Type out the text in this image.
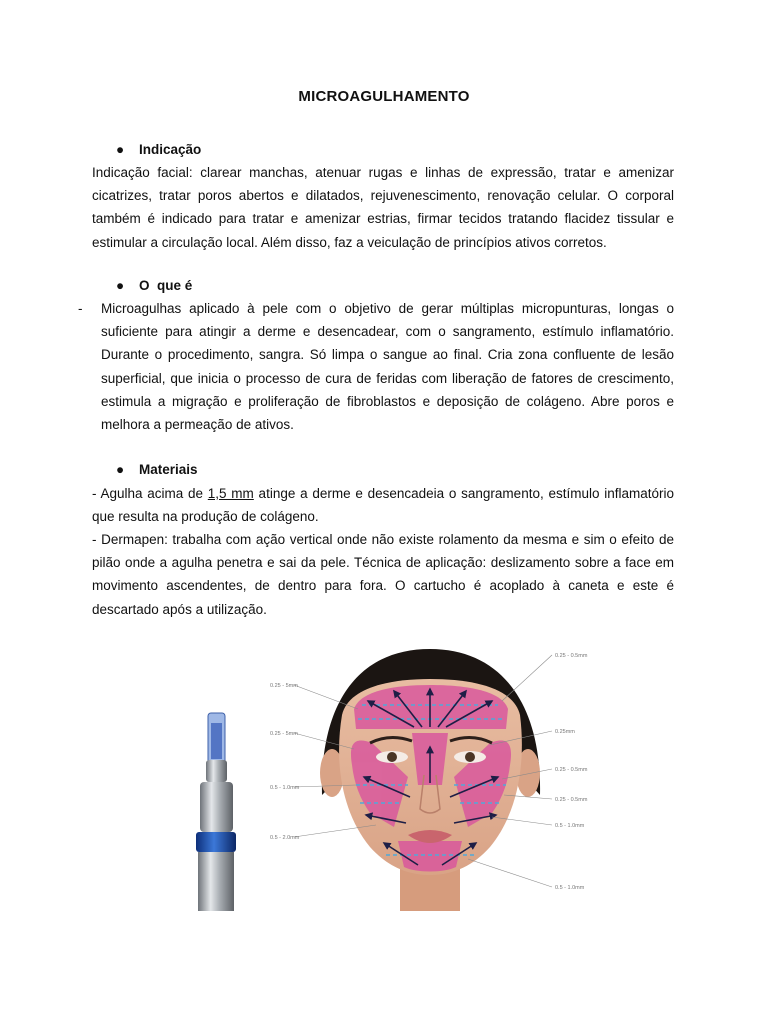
MICROAGULHAMENTO
● Indicação

Indicação facial: clarear manchas, atenuar rugas e linhas de expressão, tratar e amenizar cicatrizes, tratar poros abertos e dilatados, rejuvenescimento, renovação celular. O corporal também é indicado para tratar e amenizar estrias, firmar tecidos tratando flacidez tissular e estimular a circulação local. Além disso, faz a veiculação de princípios ativos corretos.

● O  que é
- Microagulhas aplicado à pele com o objetivo de gerar múltiplas micropunturas, longas o suficiente para atingir a derme e desencadear, com o sangramento, estímulo inflamatório. Durante o procedimento, sangra. Só limpa o sangue ao final. Cria zona confluente de lesão superficial, que inicia o processo de cura de feridas com liberação de fatores de crescimento, estimula a migração e proliferação de fibroblastos e deposição de colágeno. Abre poros e melhora a permeação de ativos.

● Materiais

- Agulha acima de 1,5 mm atinge a derme e desencadeia o sangramento, estímulo inflamatório que resulta na produção de colágeno.

- Dermapen: trabalha com ação vertical onde não existe rolamento da mesma e sim o efeito de pilão onde a agulha penetra e sai da pele. Técnica de aplicação: deslizamento sobre a face em movimento ascendentes, de dentro para fora. O cartucho é acoplado à caneta e este é descartado após a utilização.

0.25 - 5mm
0.25 - 5mm
0.5 - 1.0mm
0.5 - 2.0mm
0.25 - 0.5mm
0.25mm
0.25 - 0.5mm
0.25 - 0.5mm
0.5 - 1.0mm
0.5 - 1.0mm
